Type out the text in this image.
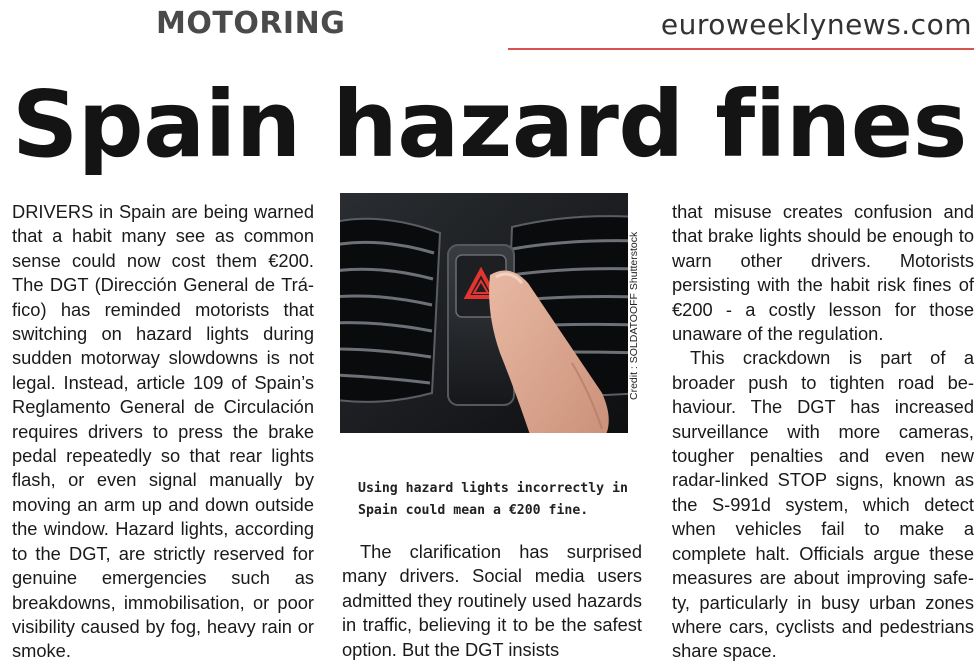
MOTORING	euroweeklynews.com
Spain hazard fines

DRIVERS in Spain are being warned that a habit many see as common sense could now cost them €200. The DGT (Dirección General de Tráfico) has reminded motorists that switching on hazard lights during sudden motorway slowdowns is not legal. Instead, article 109 of Spain’s Reglamento General de Circulación requires drivers to press the brake pedal repeatedly so that rear lights flash, or even signal manually by moving an arm up and down outside the window. Hazard lights, according to the DGT, are strictly reserved for genuine emergencies such as breakdowns, immobilisation, or poor visibility caused by fog, heavy rain or smoke.

Credit : SOLDATOOFF Shutterstock
Using hazard lights incorrectly in Spain could mean a €200 fine.

The clarification has surprised many drivers. Social media users admitted they routinely used hazards in traffic, believing it to be the safest option. But the DGT insists

that misuse creates confusion and that brake lights should be enough to warn other drivers. Motorists persisting with the habit risk fines of €200 - a costly lesson for those unaware of the regulation.

This crackdown is part of a broader push to tighten road behaviour. The DGT has increased surveillance with more cameras, tougher penalties and even new radar-linked STOP signs, known as the S-991d system, which detect when vehicles fail to make a complete halt. Officials argue these measures are about improving safety, particularly in busy urban zones where cars, cyclists and pedestrians share space.
